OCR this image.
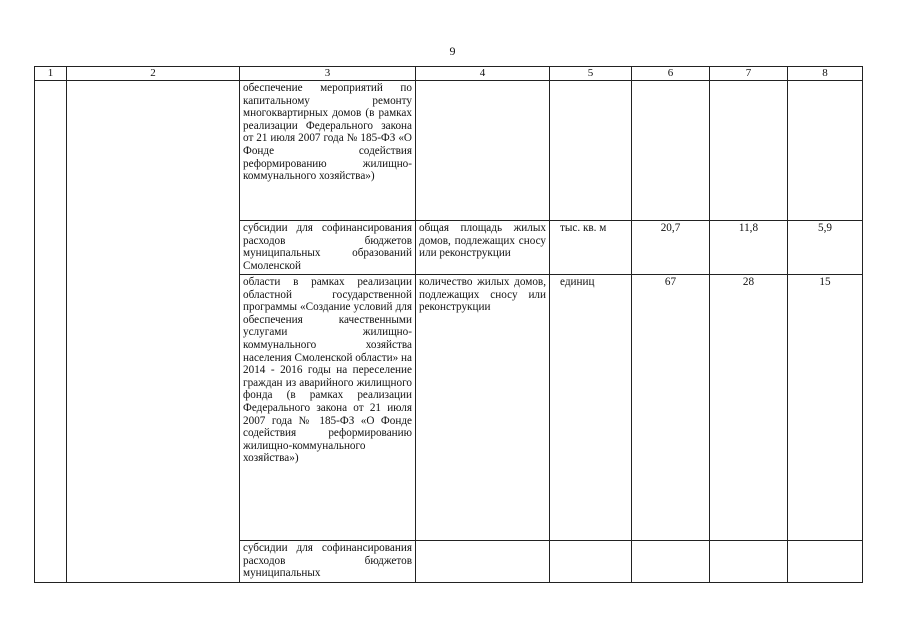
9
1	2	3	4	5	6	7	8
		обеспечение мероприятий по капитальному ремонту многоквартирных домов (в рамках реализации Федерального закона от 21 июля 2007 года № 185-ФЗ «О Фонде содействия реформированию жилищно-коммунального хозяйства»)					
		субсидии для софинансирования расходов бюджетов муниципальных образований Смоленской	общая площадь жилых домов, подлежащих сносу или реконструкции	тыс. кв. м	20,7	11,8	5,9
		области в рамках реализации областной государственной программы «Создание условий для обеспечения качественными услугами жилищно-коммунального хозяйства населения Смоленской области» на 2014 - 2016 годы на переселение граждан из аварийного жилищного фонда (в рамках реализации Федерального закона от 21 июля 2007 года № 185-ФЗ «О Фонде содействия реформированию жилищно-коммунального хозяйства»)	количество жилых домов, подлежащих сносу или реконструкции	единиц	67	28	15
		субсидии для софинансирования расходов бюджетов муниципальных					
